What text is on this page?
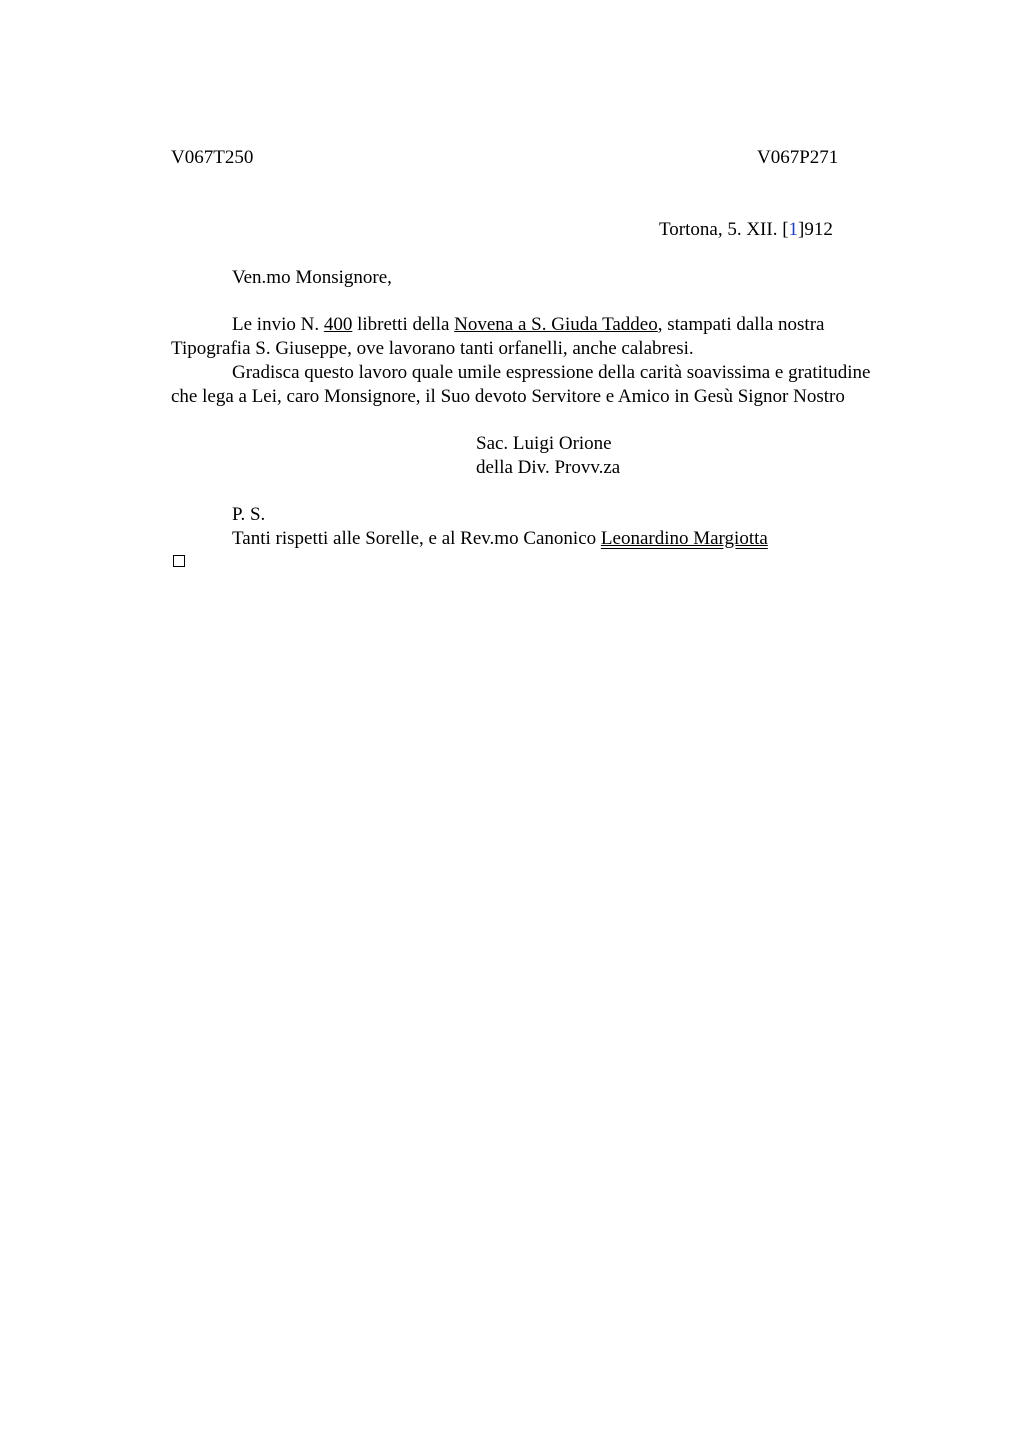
V067T250	V067P271
Tortona, 5. XII. [1]912
Ven.mo Monsignore,
Le invio N. 400 libretti della Novena a S. Giuda Taddeo, stampati dalla nostra
Tipografia S. Giuseppe, ove lavorano tanti orfanelli, anche calabresi.
Gradisca questo lavoro quale umile espressione della carità soavissima e gratitudine
che lega a Lei, caro Monsignore, il Suo devoto Servitore e Amico in Gesù Signor Nostro
Sac. Luigi Orione
della Div. Provv.za
P. S.
Tanti rispetti alle Sorelle, e al Rev.mo Canonico Leonardino Margiotta
